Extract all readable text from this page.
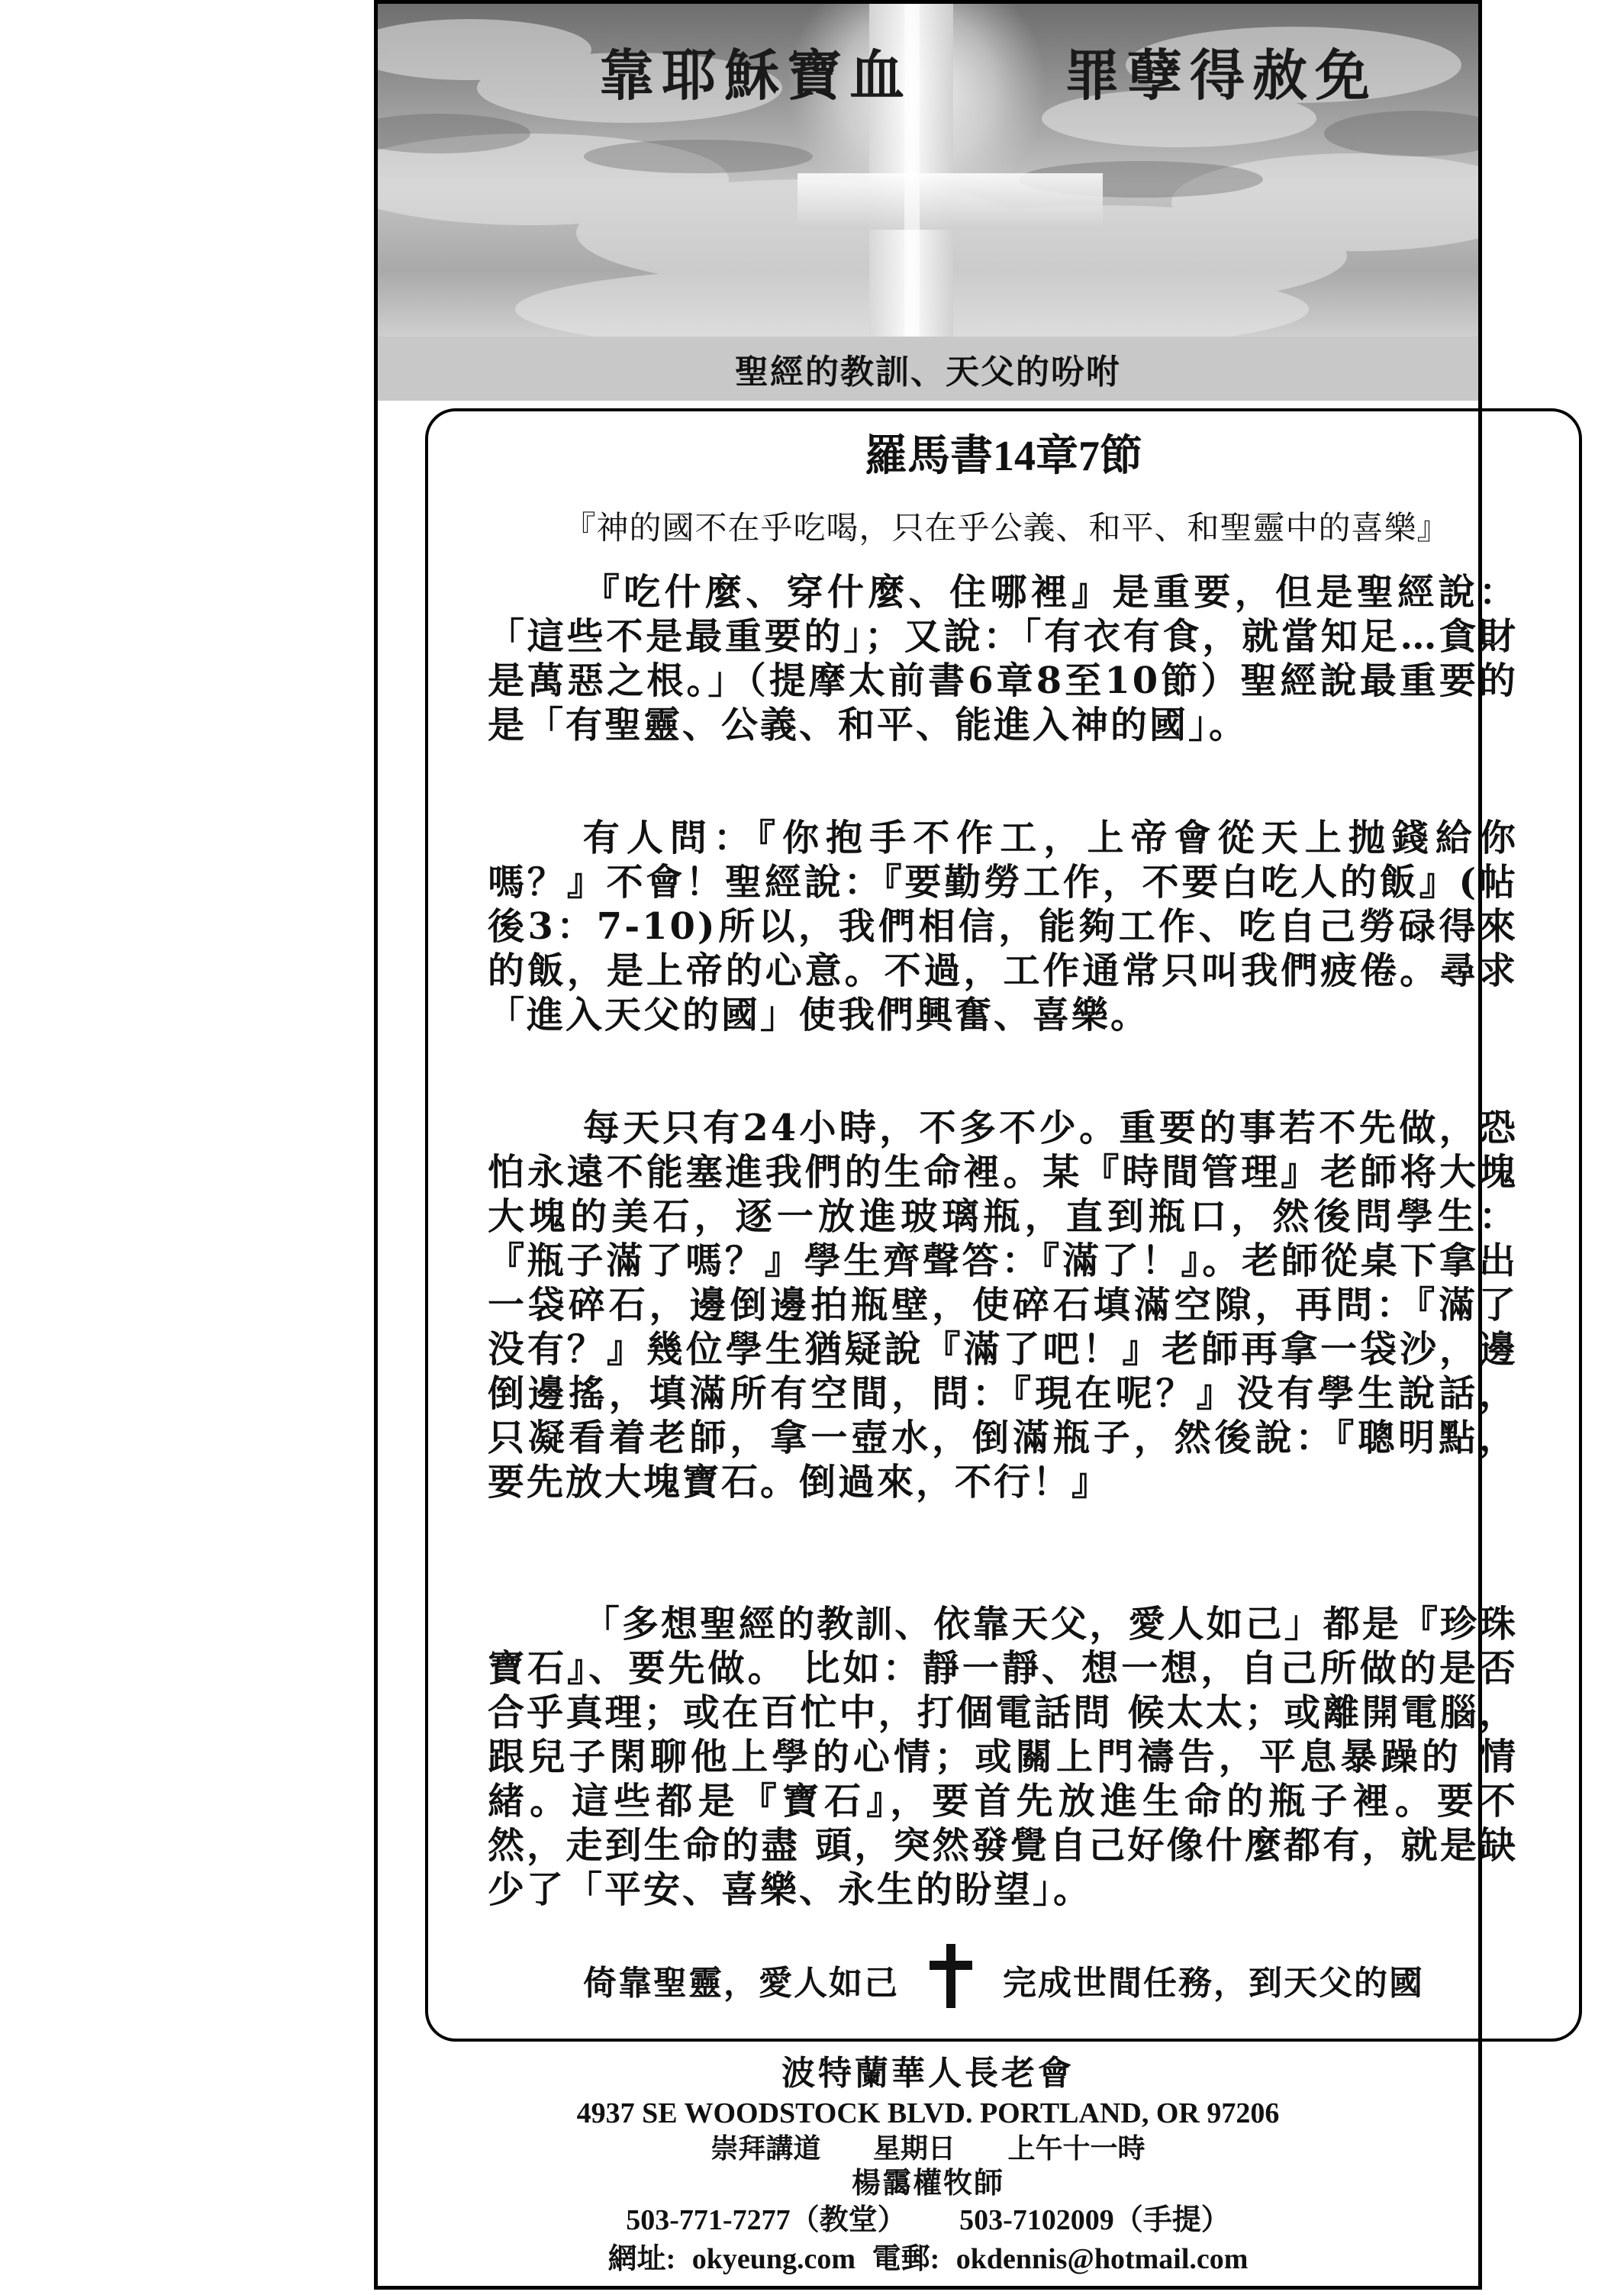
靠耶穌寶血	罪孽得赦免
聖經的教訓、天父的吩咐
羅馬書14章7節
『神的國不在乎吃喝，只在乎公義、和平、和聖靈中的喜樂』
『吃什麼、穿什麼、住哪裡』是重要，但是聖經說：「這些不是最重要的」；又說：「有衣有食，就當知足…貪財是萬惡之根。」（提摩太前書6章8至10節）聖經說最重要的是「有聖靈、公義、和平、能進入神的國」。
有人問：『你抱手不作工，上帝會從天上抛錢給你嗎？』不會！聖經說：『要勤勞工作，不要白吃人的飯』(帖後3：7-10)所以，我們相信，能夠工作、吃自己勞碌得來的飯，是上帝的心意。不過，工作通常只叫我們疲倦。尋求「進入天父的國」使我們興奮、喜樂。
每天只有24小時，不多不少。重要的事若不先做，恐怕永遠不能塞進我們的生命裡。某『時間管理』老師将大塊大塊的美石，逐一放進玻璃瓶，直到瓶口，然後問學生：『瓶子滿了嗎？』學生齊聲答：『滿了！』。老師從桌下拿出一袋碎石，邊倒邊拍瓶壁，使碎石填滿空隙，再問：『滿了没有？』幾位學生猶疑說『滿了吧！』老師再拿一袋沙，邊倒邊搖，填滿所有空間，問：『現在呢？』没有學生說話，只凝看着老師，拿一壺水，倒滿瓶子，然後說：『聰明點，要先放大塊寶石。倒過來，不行！』
「多想聖經的教訓、依靠天父，愛人如己」都是『珍珠寶石』、要先做。 比如：靜一靜、想一想，自己所做的是否合乎真理；或在百忙中，打個電話問 候太太；或離開電腦，跟兒子閑聊他上學的心情；或關上門禱告，平息暴躁的 情緒。這些都是『寶石』，要首先放進生命的瓶子裡。要不然，走到生命的盡 頭，突然發覺自己好像什麼都有，就是缺少了「平安、喜樂、永生的盼望」。
倚靠聖靈，愛人如己	完成世間任務，到天父的國
波特蘭華人長老會
4937 SE WOODSTOCK BLVD. PORTLAND, OR 97206
崇拜講道 星期日 上午十一時
楊靄權牧師
503-771-7277（教堂） 503-7102009（手提）
網址: okyeung.com 電郵: okdennis@hotmail.com
